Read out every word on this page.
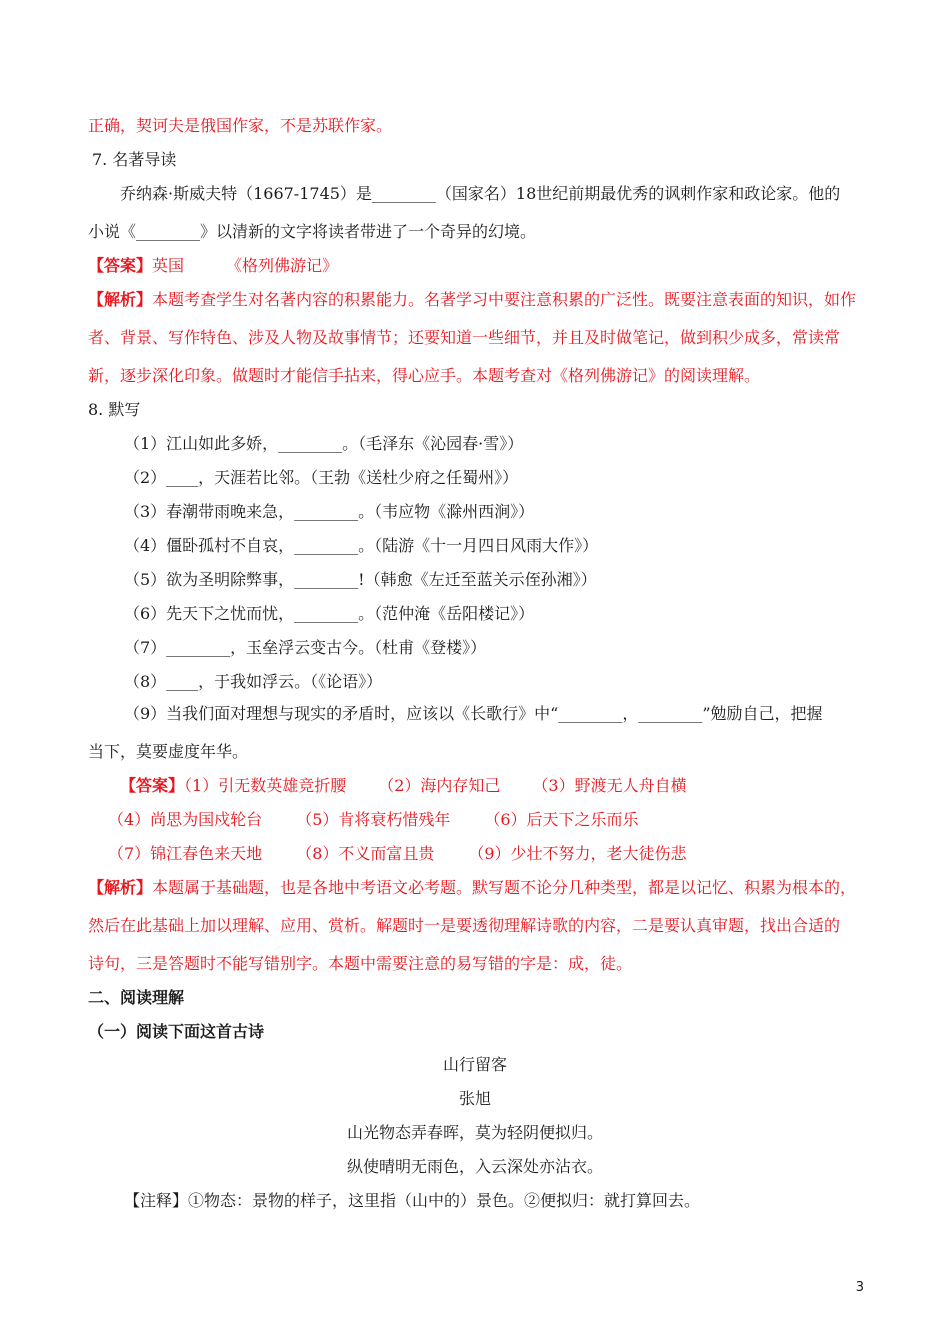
正确，契诃夫是俄国作家，不是苏联作家。
7. 名著导读
乔纳森·斯威夫特（1667-1745）是________（国家名）18世纪前期最优秀的讽刺作家和政论家。他的
小说《________》以清新的文字将读者带进了一个奇异的幻境。
【答案】英国	《格列佛游记》
【解析】本题考查学生对名著内容的积累能力。名著学习中要注意积累的广泛性。既要注意表面的知识，如作
者、背景、写作特色、涉及人物及故事情节；还要知道一些细节，并且及时做笔记，做到积少成多，常读常
新，逐步深化印象。做题时才能信手拈来，得心应手。本题考查对《格列佛游记》的阅读理解。
8. 默写
（1）江山如此多娇，________。（毛泽东《沁园春·雪》）
（2）____，天涯若比邻。（王勃《送杜少府之任蜀州》）
（3）春潮带雨晚来急，________。（韦应物《滁州西涧》）
（4）僵卧孤村不自哀，________。（陆游《十一月四日风雨大作》）
（5）欲为圣明除弊事，________!（韩愈《左迁至蓝关示侄孙湘》）
（6）先天下之忧而忧，________。（范仲淹《岳阳楼记》）
（7）________，玉垒浮云变古今。（杜甫《登楼》）
（8）____，于我如浮云。（《论语》）
（9）当我们面对理想与现实的矛盾时，应该以《长歌行》中“________，________”勉励自己，把握
当下，莫要虚度年华。
【答案】（1）引无数英雄竞折腰 （2）海内存知己 （3）野渡无人舟自横
（4）尚思为国戍轮台 （5）肯将衰朽惜残年 （6）后天下之乐而乐
（7）锦江春色来天地 （8）不义而富且贵 （9）少壮不努力，老大徒伤悲
【解析】本题属于基础题，也是各地中考语文必考题。默写题不论分几种类型，都是以记忆、积累为根本的，
然后在此基础上加以理解、应用、赏析。解题时一是要透彻理解诗歌的内容，二是要认真审题，找出合适的
诗句，三是答题时不能写错别字。本题中需要注意的易写错的字是：成，徒。
二、阅读理解
（一）阅读下面这首古诗
山行留客
张旭
山光物态弄春晖，莫为轻阴便拟归。
纵使晴明无雨色，入云深处亦沾衣。
【注释】①物态：景物的样子，这里指（山中的）景色。②便拟归：就打算回去。
3
